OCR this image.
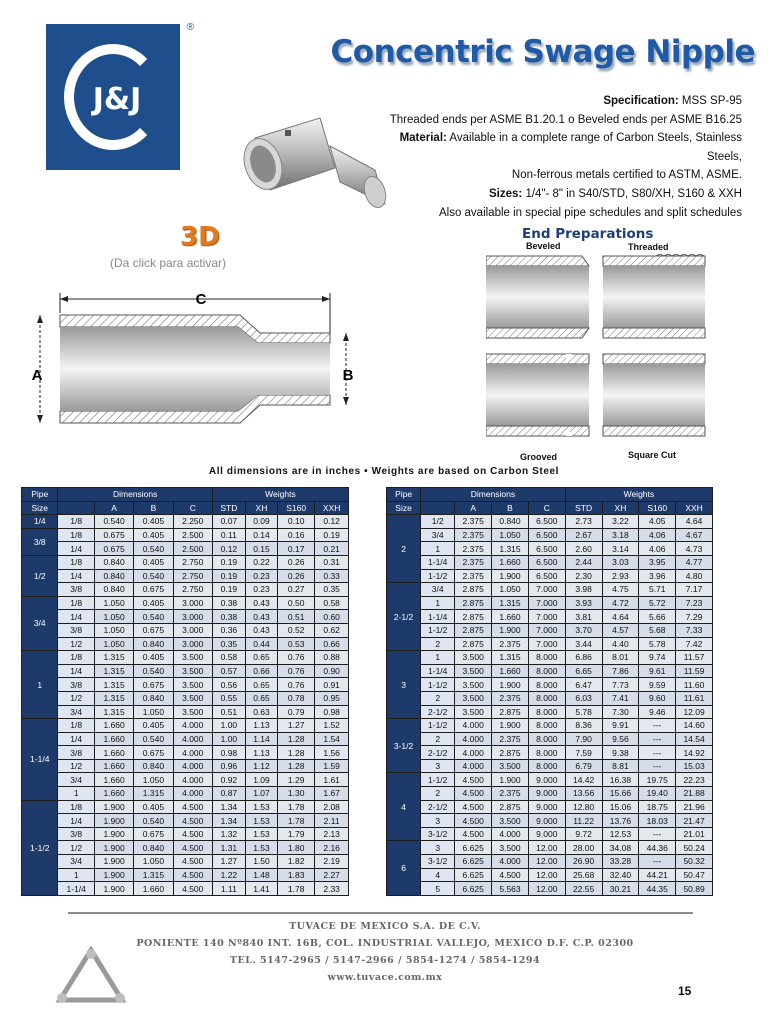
J&J
®
Concentric Swage Nipple
Specification: MSS SP-95
Threaded ends per ASME B1.20.1 o Beveled ends per ASME B16.25
Material: Available in a complete range of Carbon Steels, Stainless Steels,
Non-ferrous metals certified to ASTM, ASME.
Sizes: 1/4"- 8" in S40/STD, S80/XH, S160 & XXH
Also available in special pipe schedules and split schedules
3D
(Da click para activar)

C
A	B
End Preparations
Beveled	Threaded
Grooved	Square Cut
All dimensions are in inches • Weights are based on Carbon Steel
Pipe	Dimensions				Weights			
Size		A	B	C	STD	XH	S160	XXH
1/4	1/8	0.540	0.405	2.250	0.07	0.09	0.10	0.12
3/8	1/8	0.675	0.405	2.500	0.11	0.14	0.16	0.19
	1/4	0.675	0.540	2.500	0.12	0.15	0.17	0.21
1/2	1/8	0.840	0.405	2.750	0.19	0.22	0.26	0.31
	1/4	0.840	0.540	2.750	0.19	0.23	0.26	0.33
	3/8	0.840	0.675	2.750	0.19	0.23	0.27	0.35
3/4	1/8	1.050	0.405	3.000	0.38	0.43	0.50	0.58
	1/4	1.050	0.540	3.000	0.38	0.43	0.51	0.60
	3/8	1.050	0.675	3.000	0.36	0.43	0.52	0.62
	1/2	1.050	0.840	3.000	0.35	0.44	0.53	0.66
1	1/8	1.315	0.405	3.500	0.58	0.65	0.76	0.88
	1/4	1.315	0.540	3.500	0.57	0.66	0.76	0.90
	3/8	1.315	0.675	3.500	0.56	0.65	0.76	0.91
	1/2	1.315	0.840	3.500	0.55	0.65	0.78	0.95
	3/4	1.315	1.050	3.500	0.51	0.63	0.79	0.98
1-1/4	1/8	1.660	0.405	4.000	1.00	1.13	1.27	1.52
	1/4	1.660	0.540	4.000	1.00	1.14	1.28	1.54
	3/8	1.660	0.675	4.000	0.98	1.13	1.28	1.56
	1/2	1.660	0.840	4.000	0.96	1.12	1.28	1.59
	3/4	1.660	1.050	4.000	0.92	1.09	1.29	1.61
	1	1.660	1.315	4.000	0.87	1.07	1.30	1.67
1-1/2	1/8	1.900	0.405	4.500	1.34	1.53	1.78	2.08
	1/4	1.900	0.540	4.500	1.34	1.53	1.78	2.11
	3/8	1.900	0.675	4.500	1.32	1.53	1.79	2.13
	1/2	1.900	0.840	4.500	1.31	1.53	1.80	2.16
	3/4	1.900	1.050	4.500	1.27	1.50	1.82	2.19
	1	1.900	1.315	4.500	1.22	1.48	1.83	2.27
	1-1/4	1.900	1.660	4.500	1.11	1.41	1.78	2.33
Pipe	Dimensions				Weights			
Size		A	B	C	STD	XH	S160	XXH
2	1/2	2.375	0.840	6.500	2.73	3.22	4.05	4.64
	3/4	2.375	1.050	6.500	2.67	3.18	4.06	4.67
	1	2.375	1.315	6.500	2.60	3.14	4.06	4.73
	1-1/4	2.375	1.660	6.500	2.44	3.03	3.95	4.77
	1-1/2	2.375	1.900	6.500	2.30	2.93	3.96	4.80
2-1/2	3/4	2.875	1.050	7.000	3.98	4.75	5.71	7.17
	1	2.875	1.315	7.000	3.93	4.72	5.72	7.23
	1-1/4	2.875	1.660	7.000	3.81	4.64	5.66	7.29
	1-1/2	2.875	1.900	7.000	3.70	4.57	5.68	7.33
	2	2.875	2.375	7.000	3.44	4.40	5.78	7.42
3	1	3.500	1.315	8.000	6.86	8.01	9.74	11.57
	1-1/4	3.500	1.660	8.000	6.65	7.86	9.61	11.59
	1-1/2	3.500	1.900	8.000	6.47	7.73	9.59	11.60
	2	3.500	2.375	8.000	6.03	7.41	9.60	11.61
	2-1/2	3.500	2.875	8.000	5.78	7.30	9.46	12.09
3-1/2	1-1/2	4.000	1.900	8.000	8.36	9.91	---	14.60
	2	4.000	2.375	8.000	7.90	9.56	---	14.54
	2-1/2	4.000	2.875	8.000	7.59	9.38	---	14.92
	3	4.000	3.500	8.000	6.79	8.81	---	15.03
4	1-1/2	4.500	1.900	9.000	14.42	16.38	19.75	22.23
	2	4.500	2.375	9.000	13.56	15.66	19.40	21.88
	2-1/2	4.500	2.875	9.000	12.80	15.06	18.75	21.96
	3	4.500	3.500	9.000	11.22	13.76	18.03	21.47
	3-1/2	4.500	4.000	9.000	9.72	12.53	---	21.01
6	3	6.625	3.500	12.00	28.00	34.08	44.36	50.24
	3-1/2	6.625	4.000	12.00	26.90	33.28	---	50.32
	4	6.625	4.500	12.00	25.68	32.40	44.21	50.47
	5	6.625	5.563	12.00	22.55	30.21	44.35	50.89
TUVACE DE MEXICO S.A. DE C.V.
PONIENTE 140 Nº840 INT. 16B, COL. INDUSTRIAL VALLEJO, MEXICO D.F. C.P. 02300
TEL. 5147-2965 / 5147-2966 / 5854-1274 / 5854-1294
www.tuvace.com.mx
15
